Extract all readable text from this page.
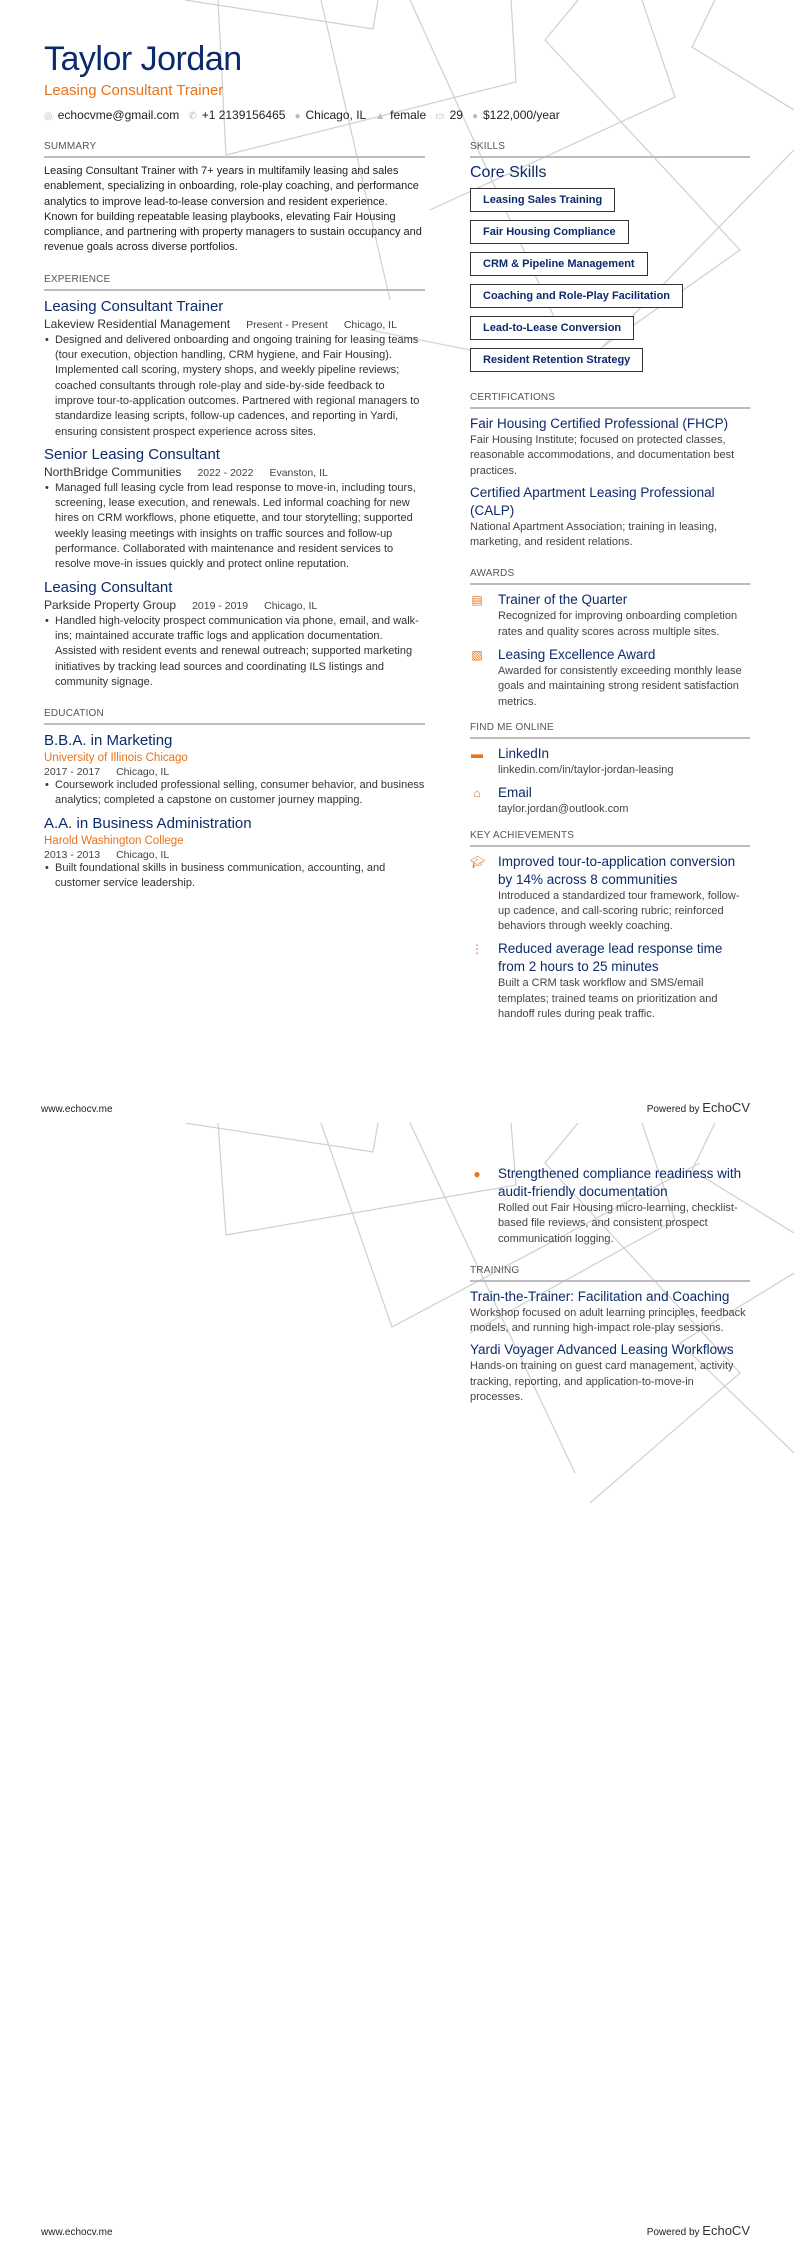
Taylor Jordan
Leasing Consultant Trainer
◎ echocvme@gmail.com ✆ +1 2139156465 ● Chicago, IL ▲ female ▭ 29 ● $122,000/year
SUMMARY

Leasing Consultant Trainer with 7+ years in multifamily leasing and sales enablement, specializing in onboarding, role-play coaching, and performance analytics to improve lead-to-lease conversion and resident experience.

Known for building repeatable leasing playbooks, elevating Fair Housing compliance, and partnering with property managers to sustain occupancy and revenue goals across diverse portfolios.

EXPERIENCE
Leasing Consultant Trainer
Lakeview Residential Management Present - Present Chicago, IL
• Designed and delivered onboarding and ongoing training for leasing teams (tour execution, objection handling, CRM hygiene, and Fair Housing). Implemented call scoring, mystery shops, and weekly pipeline reviews; coached consultants through role-play and side-by-side feedback to improve tour-to-application outcomes. Partnered with regional managers to standardize leasing scripts, follow-up cadences, and reporting in Yardi, ensuring consistent prospect experience across sites.
Senior Leasing Consultant
NorthBridge Communities 2022 - 2022 Evanston, IL
• Managed full leasing cycle from lead response to move-in, including tours, screening, lease execution, and renewals. Led informal coaching for new hires on CRM workflows, phone etiquette, and tour storytelling; supported weekly leasing meetings with insights on traffic sources and follow-up performance. Collaborated with maintenance and resident services to resolve move-in issues quickly and protect online reputation.
Leasing Consultant
Parkside Property Group 2019 - 2019 Chicago, IL
• Handled high-velocity prospect communication via phone, email, and walk-ins; maintained accurate traffic logs and application documentation. Assisted with resident events and renewal outreach; supported marketing initiatives by tracking lead sources and coordinating ILS listings and community signage.
EDUCATION
B.B.A. in Marketing
University of Illinois Chicago
2017 - 2017 Chicago, IL
• Coursework included professional selling, consumer behavior, and business analytics; completed a capstone on customer journey mapping.
A.A. in Business Administration
Harold Washington College
2013 - 2013 Chicago, IL
• Built foundational skills in business communication, accounting, and customer service leadership.
SKILLS
Core Skills
Leasing Sales Training
Fair Housing Compliance
CRM & Pipeline Management
Coaching and Role-Play Facilitation
Lead-to-Lease Conversion
Resident Retention Strategy
CERTIFICATIONS
Fair Housing Certified Professional (FHCP)

Fair Housing Institute; focused on protected classes, reasonable accommodations, and documentation best practices.

Certified Apartment Leasing Professional (CALP)

National Apartment Association; training in leasing, marketing, and resident relations.

AWARDS
▤ Trainer of the Quarter

Recognized for improving onboarding completion rates and quality scores across multiple sites.

▧ Leasing Excellence Award

Awarded for consistently exceeding monthly lease goals and maintaining strong resident satisfaction metrics.

FIND ME ONLINE
▬ LinkedIn

linkedin.com/in/taylor-jordan-leasing

⌂ Email

taylor.jordan@outlook.com

KEY ACHIEVEMENTS
🎓︎ Improved tour-to-application conversion by 14% across 8 communities

Introduced a standardized tour framework, follow-up cadence, and call-scoring rubric; reinforced behaviors through weekly coaching.

⋮ Reduced average lead response time from 2 hours to 25 minutes

Built a CRM task workflow and SMS/email templates; trained teams on prioritization and handoff rules during peak traffic.

www.echocv.me	Powered by EchoCV
● Strengthened compliance readiness with audit-friendly documentation

Rolled out Fair Housing micro-learning, checklist-based file reviews, and consistent prospect communication logging.

TRAINING
Train-the-Trainer: Facilitation and Coaching

Workshop focused on adult learning principles, feedback models, and running high-impact role-play sessions.

Yardi Voyager Advanced Leasing Workflows

Hands-on training on guest card management, activity tracking, reporting, and application-to-move-in processes.

www.echocv.me	Powered by EchoCV
